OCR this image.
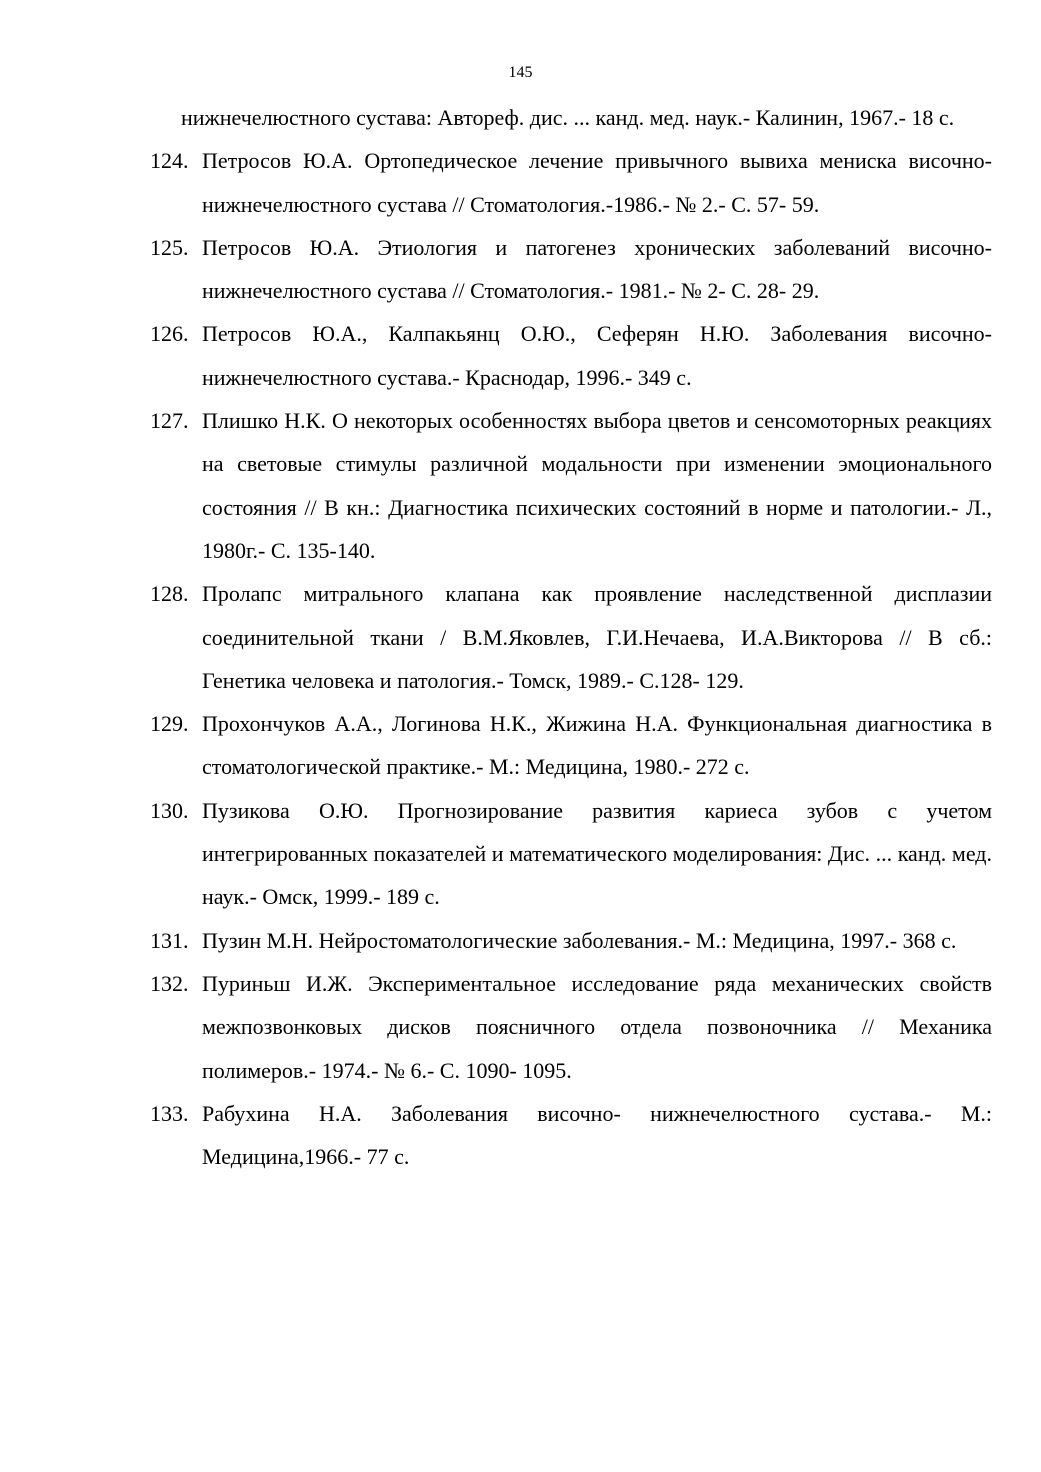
145
нижнечелюстного сустава: Автореф. дис. ... канд. мед. наук.- Калинин, 1967.- 18 с.
124. Петросов Ю.А. Ортопедическое лечение привычного вывиха мениска височно- нижнечелюстного сустава // Стоматология.-1986.- № 2.- С. 57- 59.
125. Петросов Ю.А. Этиология и патогенез хронических заболеваний височно-нижнечелюстного сустава // Стоматология.- 1981.- № 2- С. 28- 29.
126. Петросов Ю.А., Калпакьянц О.Ю., Сеферян Н.Ю. Заболевания височно-нижнечелюстного сустава.- Краснодар, 1996.- 349 с.
127. Плишко Н.К. О некоторых особенностях выбора цветов и сенсомоторных реакциях на световые стимулы различной модальности при изменении эмоционального состояния // В кн.: Диагностика психических состояний в норме и патологии.- Л., 1980г.- С. 135-140.
128. Пролапс митрального клапана как проявление наследственной дисплазии соединительной ткани / В.М.Яковлев, Г.И.Нечаева, И.А.Викторова // В сб.: Генетика человека и патология.- Томск, 1989.- С.128- 129.
129. Прохончуков А.А., Логинова Н.К., Жижина Н.А. Функциональная диагностика в стоматологической практике.- М.: Медицина, 1980.- 272 с.
130. Пузикова О.Ю. Прогнозирование развития кариеса зубов с учетом интегрированных показателей и математического моделирования: Дис. ... канд. мед. наук.- Омск, 1999.- 189 с.
131. Пузин М.Н. Нейростоматологические заболевания.- М.: Медицина, 1997.- 368 с.
132. Пуриньш И.Ж. Экспериментальное исследование ряда механических свойств межпозвонковых дисков поясничного отдела позвоночника // Механика полимеров.- 1974.- № 6.- С. 1090- 1095.
133. Рабухина Н.А. Заболевания височно- нижнечелюстного сустава.- М.: Медицина,1966.- 77 с.
